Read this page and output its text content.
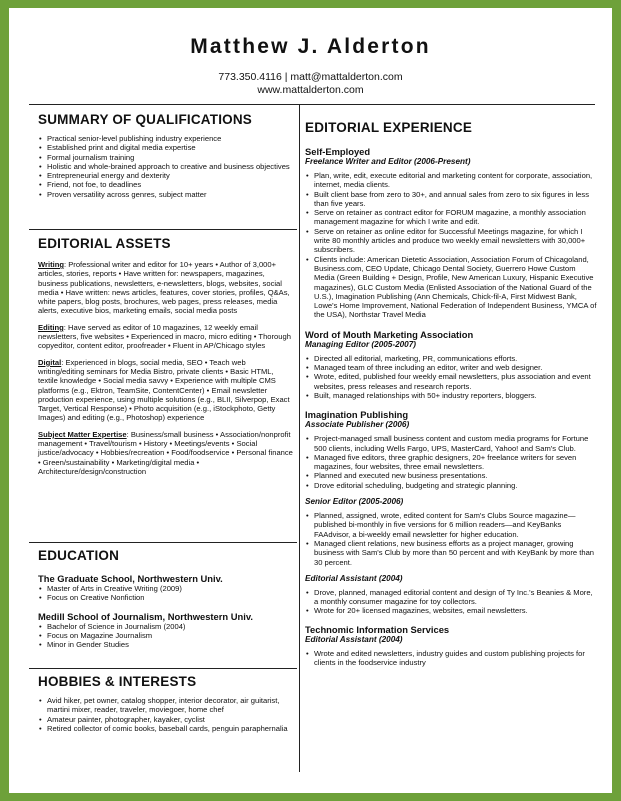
Matthew J. Alderton
773.350.4116 | matt@mattalderton.com
www.mattalderton.com
SUMMARY OF QUALIFICATIONS
• Practical senior-level publishing industry experience
• Established print and digital media expertise
• Formal journalism training
• Holistic and whole-brained approach to creative and business objectives
• Entrepreneurial energy and dexterity
• Friend, not foe, to deadlines
• Proven versatility across genres, subject matter
EDITORIAL ASSETS

Writing: Professional writer and editor for 10+ years • Author of 3,000+ articles, stories, reports • Have written for: newspapers, magazines, business publications, newsletters, e-newsletters, blogs, websites, social media • Have written: news articles, features, cover stories, profiles, Q&As, white papers, blog posts, brochures, web pages, press releases, media alerts, executive bios, marketing emails, social media posts

Editing: Have served as editor of 10 magazines, 12 weekly email newsletters, five websites • Experienced in macro, micro editing • Thorough copyeditor, content editor, proofreader • Fluent in AP/Chicago styles

Digital: Experienced in blogs, social media, SEO • Teach web writing/editing seminars for Media Bistro, private clients • Basic HTML, textile knowledge • Social media savvy • Experience with multiple CMS platforms (e.g., Ektron, TeamSite, ContentCenter) • Email newsletter production experience, using multiple solutions (e.g., BLII, Silverpop, Exact Target, Vertical Response) • Photo acquisition (e.g., iStockphoto, Getty Images) and editing (e.g., Photoshop) experience

Subject Matter Expertise: Business/small business • Association/nonprofit management • Travel/tourism • History • Meetings/events • Social justice/advocacy • Hobbies/recreation • Food/foodservice • Personal finance • Green/sustainability • Marketing/digital media • Architecture/design/construction

EDUCATION

The Graduate School, Northwestern Univ.

• Master of Arts in Creative Writing (2009)
• Focus on Creative Nonfiction

Medill School of Journalism, Northwestern Univ.

• Bachelor of Science in Journalism (2004)
• Focus on Magazine Journalism
• Minor in Gender Studies
HOBBIES & INTERESTS
• Avid hiker, pet owner, catalog shopper, interior decorator, air guitarist, martini mixer, reader, traveler, moviegoer, home chef
• Amateur painter, photographer, kayaker, cyclist
• Retired collector of comic books, baseball cards, penguin paraphernalia
EDITORIAL EXPERIENCE

Self-Employed

Freelance Writer and Editor (2006-Present)

• Plan, write, edit, execute editorial and marketing content for corporate, association, internet, media clients.
• Built client base from zero to 30+, and annual sales from zero to six figures in less than five years.
• Serve on retainer as contract editor for FORUM magazine, a monthly association management magazine for which I write and edit.
• Serve on retainer as online editor for Successful Meetings magazine, for which I write 80 monthly articles and produce two weekly email newsletters with 30,000+ subscribers.
• Clients include: American Dietetic Association, Association Forum of Chicagoland, Business.com, CEO Update, Chicago Dental Society, Guerrero Howe Custom Media (Green Building + Design, Profile, New American Luxury, Hispanic Executive magazines), GLC Custom Media (Enlisted Association of the National Guard of the U.S.), Imagination Publishing (Ann Chemicals, Chick-fil-A, First Midwest Bank, Lowe's Home Improvement, National Federation of Independent Business, YMCA of the USA), Northstar Travel Media

Word of Mouth Marketing Association

Managing Editor (2005-2007)

• Directed all editorial, marketing, PR, communications efforts.
• Managed team of three including an editor, writer and web designer.
• Wrote, edited, published four weekly email newsletters, plus association and event websites, press releases and research reports.
• Built, managed relationships with 50+ industry reporters, bloggers.

Imagination Publishing

Associate Publisher (2006)

• Project-managed small business content and custom media programs for Fortune 500 clients, including Wells Fargo, UPS, MasterCard, Yahoo! and Sam's Club.
• Managed five editors, three graphic designers, 20+ freelance writers for seven magazines, four websites, three email newsletters.
• Planned and executed new business presentations.
• Drove editorial scheduling, budgeting and strategic planning.

Senior Editor (2005-2006)

• Planned, assigned, wrote, edited content for Sam's Clubs Source magazine—published bi-monthly in five versions for 6 million readers—and KeyBanks FAAdvisor, a bi-weekly email newsletter for higher education.
• Managed client relations, new business efforts as a project manager, growing business with Sam's Club by more than 50 percent and with KeyBank by more than 30 percent.

Editorial Assistant (2004)

• Drove, planned, managed editorial content and design of Ty Inc.'s Beanies & More, a monthly consumer magazine for toy collectors.
• Wrote for 20+ licensed magazines, websites, email newsletters.

Technomic Information Services

Editorial Assistant (2004)

• Wrote and edited newsletters, industry guides and custom publishing projects for clients in the foodservice industry
